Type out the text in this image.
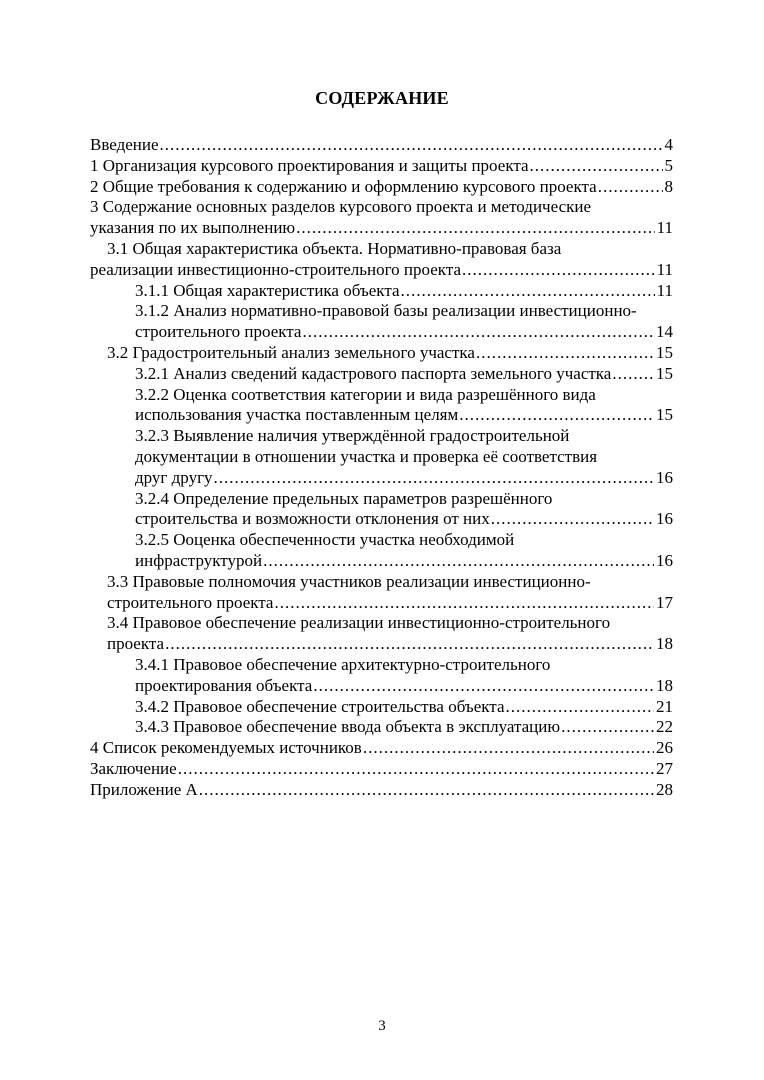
СОДЕРЖАНИЕ
Введение .....	4
1 Организация курсового проектирования и защиты проекта .....	5
2 Общие требования к содержанию и оформлению курсового проекта .....	8
3 Содержание основных разделов курсового проекта и методические
указания по их выполнению .....	11
3.1 Общая характеристика объекта. Нормативно-правовая база
реализации инвестиционно-строительного проекта .....	11
3.1.1 Общая характеристика объекта .....	11
3.1.2 Анализ нормативно-правовой базы реализации инвестиционно-
строительного проекта .....	14
3.2 Градостроительный анализ земельного участка .....	15
3.2.1 Анализ сведений кадастрового паспорта земельного участка .....	15
3.2.2 Оценка соответствия категории и вида разрешённого вида
использования участка поставленным целям .....	15
3.2.3 Выявление наличия утверждённой градостроительной
документации в отношении участка и проверка её соответствия
друг другу .....	16
3.2.4 Определение предельных параметров разрешённого
строительства и возможности отклонения от них .....	16
3.2.5 Ооценка обеспеченности участка необходимой
инфраструктурой .....	16
3.3 Правовые полномочия участников реализации инвестиционно-
строительного проекта .....	17
3.4 Правовое обеспечение реализации инвестиционно-строительного
проекта .....	18
3.4.1 Правовое обеспечение архитектурно-строительного
проектирования объекта .....	18
3.4.2 Правовое обеспечение строительства объекта .....	21
3.4.3 Правовое обеспечение ввода объекта в эксплуатацию .....	22
4 Список рекомендуемых источников .....	26
Заключение .....	27
Приложение А .....	28
3
